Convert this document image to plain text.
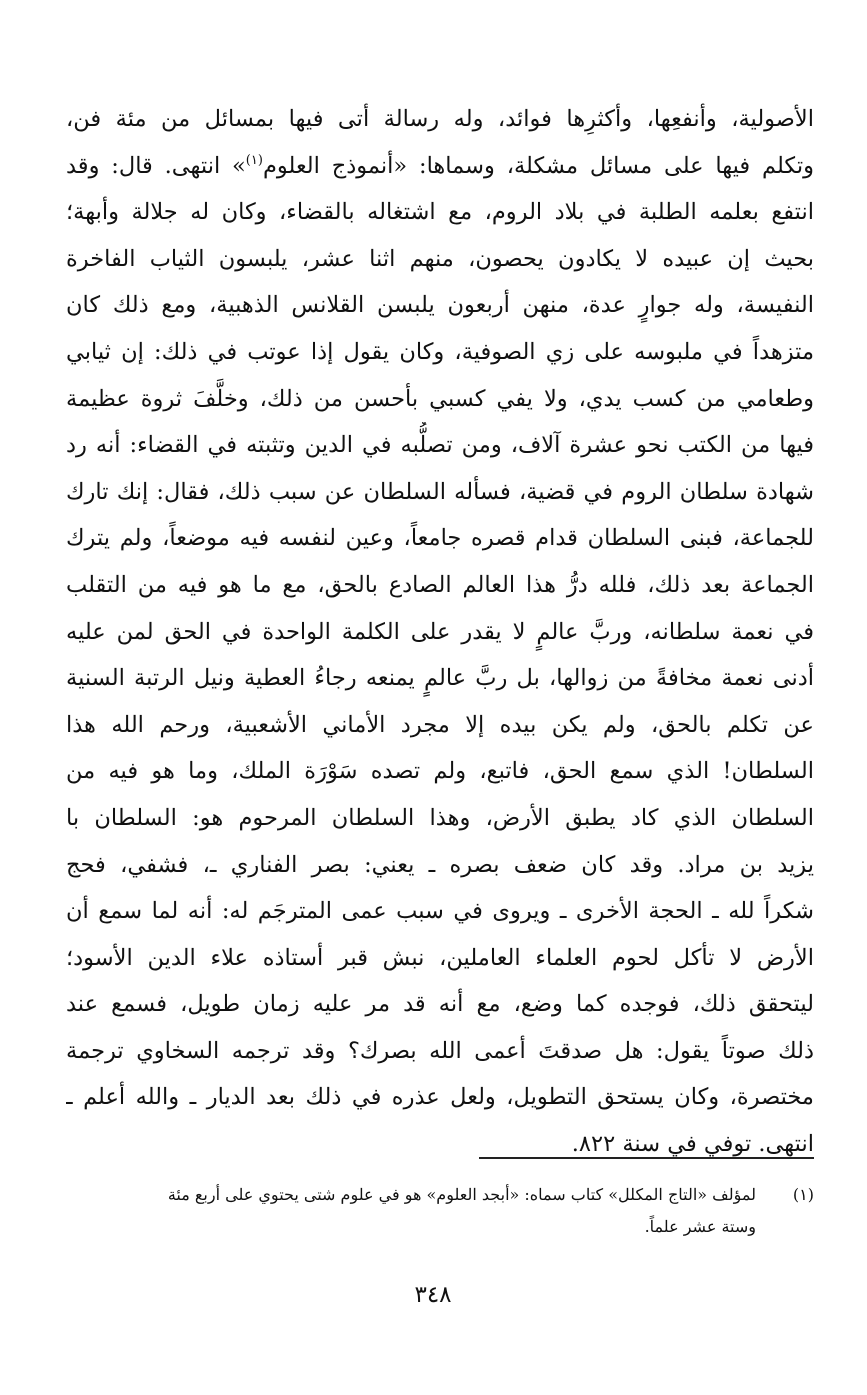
الأصولية، وأنفعِها، وأكثرِها فوائد، وله رسالة أتى فيها بمسائل من مئة فن،
وتكلم فيها على مسائل مشكلة، وسماها: «أنموذج العلوم$^{(١)}$» انتهى. قال: وقد
انتفع بعلمه الطلبة في بلاد الروم، مع اشتغاله بالقضاء، وكان له جلالة وأبهة؛
بحيث إن عبيده لا يكادون يحصون، منهم اثنا عشر، يلبسون الثياب الفاخرة
النفيسة، وله جوارٍ عدة، منهن أربعون يلبسن القلانس الذهبية، ومع ذلك كان
متزهداً في ملبوسه على زي الصوفية، وكان يقول إذا عوتب في ذلك: إن ثيابي
وطعامي من كسب يدي، ولا يفي كسبي بأحسن من ذلك، وخلَّفَ ثروة عظيمة
فيها من الكتب نحو عشرة آلاف، ومن تصلُّبه في الدين وتثبته في القضاء: أنه رد
شهادة سلطان الروم في قضية، فسأله السلطان عن سبب ذلك، فقال: إنك تارك
للجماعة، فبنى السلطان قدام قصره جامعاً، وعين لنفسه فيه موضعاً، ولم يترك
الجماعة بعد ذلك، فلله درُّ هذا العالم الصادع بالحق، مع ما هو فيه من التقلب
في نعمة سلطانه، وربَّ عالمٍ لا يقدر على الكلمة الواحدة في الحق لمن عليه
أدنى نعمة مخافةً من زوالها، بل ربَّ عالمٍ يمنعه رجاءُ العطية ونيل الرتبة السنية
عن تكلم بالحق، ولم يكن بيده إلا مجرد الأماني الأشعبية، ورحم الله هذا
السلطان! الذي سمع الحق، فاتبع، ولم تصده سَوْرَة الملك، وما هو فيه من
السلطان الذي كاد يطبق الأرض، وهذا السلطان المرحوم هو: السلطان با
يزيد بن مراد. وقد كان ضعف بصره ـ يعني: بصر الفناري ـ، فشفي، فحج
شكراً لله ـ الحجة الأخرى ـ ويروى في سبب عمى المترجَم له: أنه لما سمع أن
الأرض لا تأكل لحوم العلماء العاملين، نبش قبر أستاذه علاء الدين الأسود؛
ليتحقق ذلك، فوجده كما وضع، مع أنه قد مر عليه زمان طويل، فسمع عند
ذلك صوتاً يقول: هل صدقتَ أعمى الله بصرك؟ وقد ترجمه السخاوي ترجمة
مختصرة، وكان يستحق التطويل، ولعل عذره في ذلك بعد الديار ـ والله أعلم ـ
انتهى. توفي في سنة ٨٢٢.
(١)لمؤلف «التاج المكلل» كتاب سماه: «أبجد العلوم» هو في علوم شتى يحتوي على أربع مئة
وستة عشر علماً.
٣٤٨
